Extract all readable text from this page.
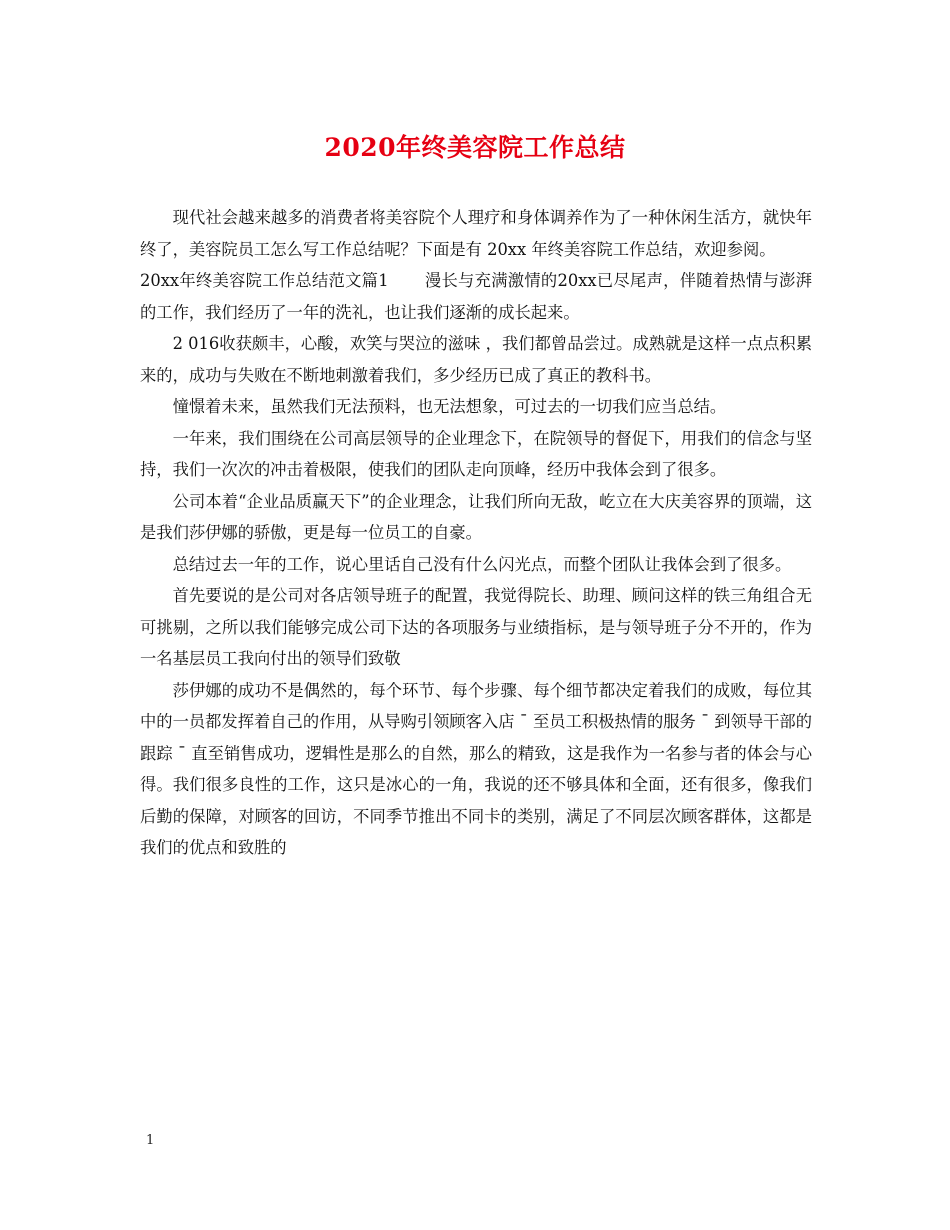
2020年终美容院工作总结

现代社会越来越多的消费者将美容院个人理疗和身体调养作为了一种休闲生活方，就快年终了，美容院员工怎么写工作总结呢？下面是有 20xx 年终美容院工作总结，欢迎参阅。

20xx年终美容院工作总结范文篇1 漫长与充满激情的20xx已尽尾声，伴随着热情与澎湃的工作，我们经历了一年的洗礼，也让我们逐渐的成长起来。

2 016收获颇丰，心酸，欢笑与哭泣的滋味 ，我们都曾品尝过。成熟就是这样一点点积累来的，成功与失败在不断地刺激着我们，多少经历已成了真正的教科书。

憧憬着未来，虽然我们无法预料，也无法想象，可过去的一切我们应当总结。

一年来，我们围绕在公司高层领导的企业理念下，在院领导的督促下，用我们的信念与坚持，我们一次次的冲击着极限，使我们的团队走向顶峰，经历中我体会到了很多。

公司本着“企业品质赢天下”的企业理念，让我们所向无敌，屹立在大庆美容界的顶端，这是我们莎伊娜的骄傲，更是每一位员工的自豪。

总结过去一年的工作，说心里话自己没有什么闪光点，而整个团队让我体会到了很多。

首先要说的是公司对各店领导班子的配置，我觉得院长、助理、顾问这样的铁三角组合无可挑剔，之所以我们能够完成公司下达的各项服务与业绩指标，是与领导班子分不开的，作为一名基层员工我向付出的领导们致敬

莎伊娜的成功不是偶然的，每个环节、每个步骤、每个细节都决定着我们的成败，每位其中的一员都发挥着自己的作用，从导购引领顾客入店 ¯ 至员工积极热情的服务 ¯ 到领导干部的跟踪 ¯ 直至销售成功，逻辑性是那么的自然，那么的精致，这是我作为一名参与者的体会与心得。我们很多良性的工作，这只是冰心的一角，我说的还不够具体和全面，还有很多，像我们后勤的保障，对顾客的回访，不同季节推出不同卡的类别，满足了不同层次顾客群体，这都是我们的优点和致胜的

1
